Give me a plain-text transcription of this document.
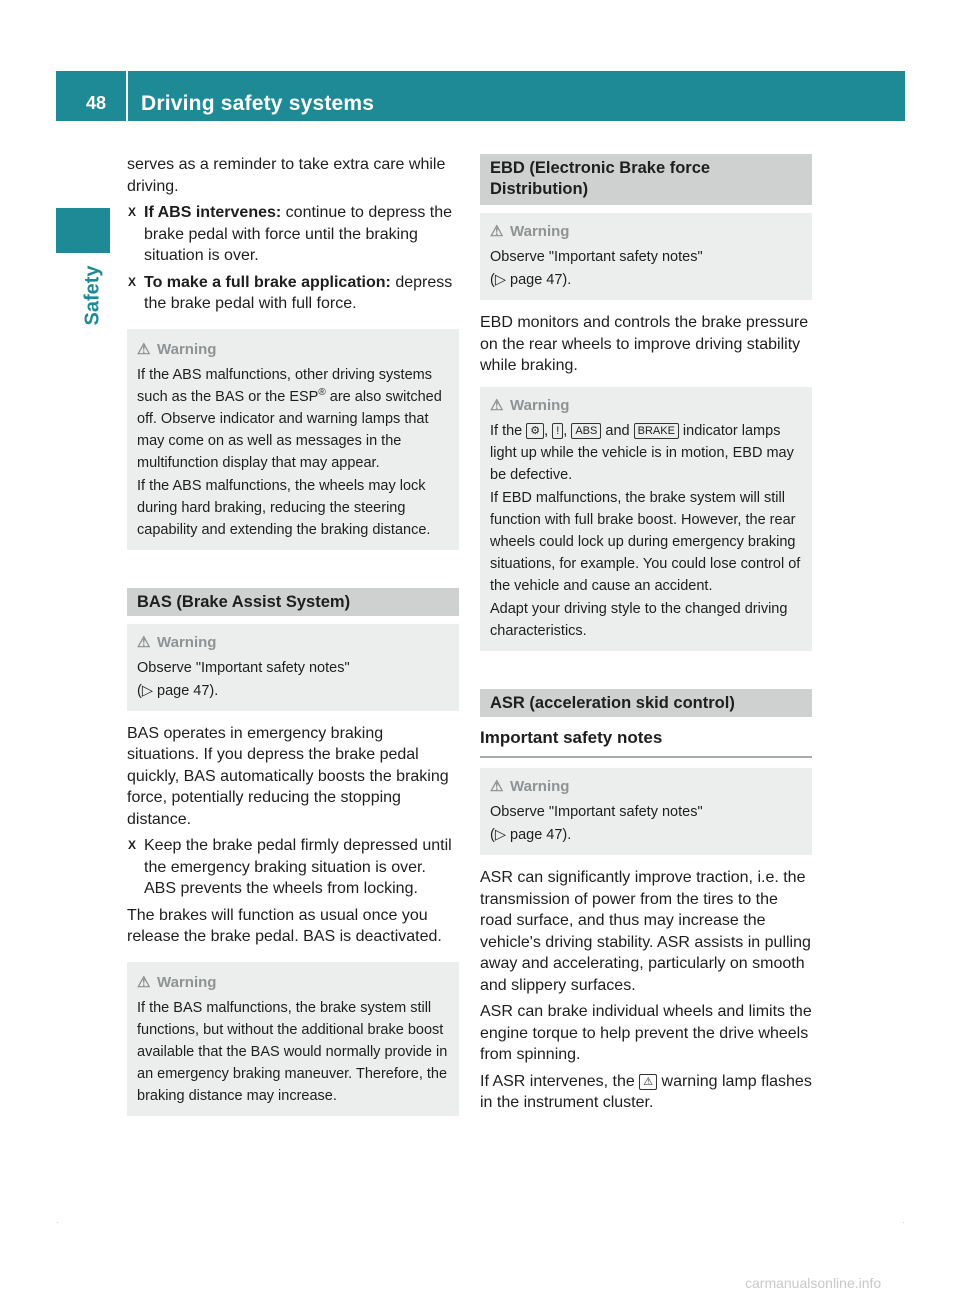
48 Driving safety systems
Safety

serves as a reminder to take extra care while driving.

X If ABS intervenes: continue to depress the brake pedal with force until the braking situation is over.
X To make a full brake application: depress the brake pedal with full force.
⚠ Warning

If the ABS malfunctions, other driving systems such as the BAS or the ESP® are also switched off. Observe indicator and warning lamps that may come on as well as messages in the multifunction display that may appear.

If the ABS malfunctions, the wheels may lock during hard braking, reducing the steering capability and extending the braking distance.

BAS (Brake Assist System)
⚠ Warning

Observe "Important safety notes"

(▷ page 47).

BAS operates in emergency braking situations. If you depress the brake pedal quickly, BAS automatically boosts the braking force, potentially reducing the stopping distance.

X Keep the brake pedal firmly depressed until the emergency braking situation is over. ABS prevents the wheels from locking.

The brakes will function as usual once you release the brake pedal. BAS is deactivated.

⚠ Warning

If the BAS malfunctions, the brake system still functions, but without the additional brake boost available that the BAS would normally provide in an emergency braking maneuver. Therefore, the braking distance may increase.

EBD (Electronic Brake force Distribution)
⚠ Warning

Observe "Important safety notes"

(▷ page 47).

EBD monitors and controls the brake pressure on the rear wheels to improve driving stability while braking.

⚠ Warning

If the ⚙ , ! , ABS and BRAKE indicator lamps light up while the vehicle is in motion, EBD may be defective.

If EBD malfunctions, the brake system will still function with full brake boost. However, the rear wheels could lock up during emergency braking situations, for example. You could lose control of the vehicle and cause an accident.

Adapt your driving style to the changed driving characteristics.

ASR (acceleration skid control)
Important safety notes
⚠ Warning

Observe "Important safety notes"

(▷ page 47).

ASR can significantly improve traction, i.e. the transmission of power from the tires to the road surface, and thus may increase the vehicle's driving stability. ASR assists in pulling away and accelerating, particularly on smooth and slippery surfaces.

ASR can brake individual wheels and limits the engine torque to help prevent the drive wheels from spinning.

If ASR intervenes, the ⚠ warning lamp flashes in the instrument cluster.

·	·
carmanualsonline.info
